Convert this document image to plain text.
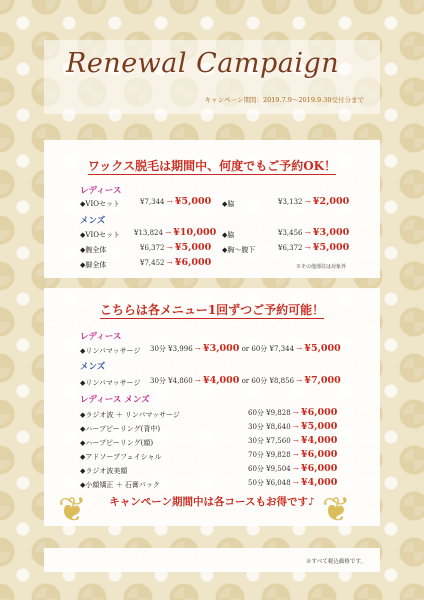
Renewal Campaign
キャンペーン期間：2019.7.9～2019.9.30受付分まで
ワックス脱毛は期間中、何度でもご予約OK！
レディース
◆VIOセット	¥7,344 → ¥5,000 ◆脇	¥3,132 → ¥2,000
メンズ
◆VIOセット ¥13,824 → ¥10,000 ◆脇	¥3,456 → ¥3,000
◆腕全体	¥6,372 → ¥5,000 ◆胸～腹下	¥6,372 → ¥5,000
◆脚全体	¥7,452 → ¥6,000	※その他部位は対象外
こちらは各メニュー1回ずつご予約可能！
レディース
◆リンパマッサージ 30分 ¥3,996 → ¥3,000 or 60分 ¥7,344 → ¥5,000
メンズ
◆リンパマッサージ 30分 ¥4,860 → ¥4,000 or 60分 ¥8,856 → ¥7,000
レディース メンズ
◆ラジオ波 ＋ リンパマッサージ	60分 ¥9,828 → ¥6,000
◆ハーブピーリング(背中)	30分 ¥8,640 → ¥5,000
◆ハーブピーリング(顔)	30分 ¥7,560 → ¥4,000
◆アドソーブフェイシャル	70分 ¥9,828 → ¥6,000
◆ラジオ波美顔	60分 ¥9,504 → ¥6,000
◆小顔矯正 ＋ 石膏パック	50分 ¥6,048 → ¥4,000
キャンペーン期間中は各コースもお得です♪
❦	❦
※すべて税込価格です。
